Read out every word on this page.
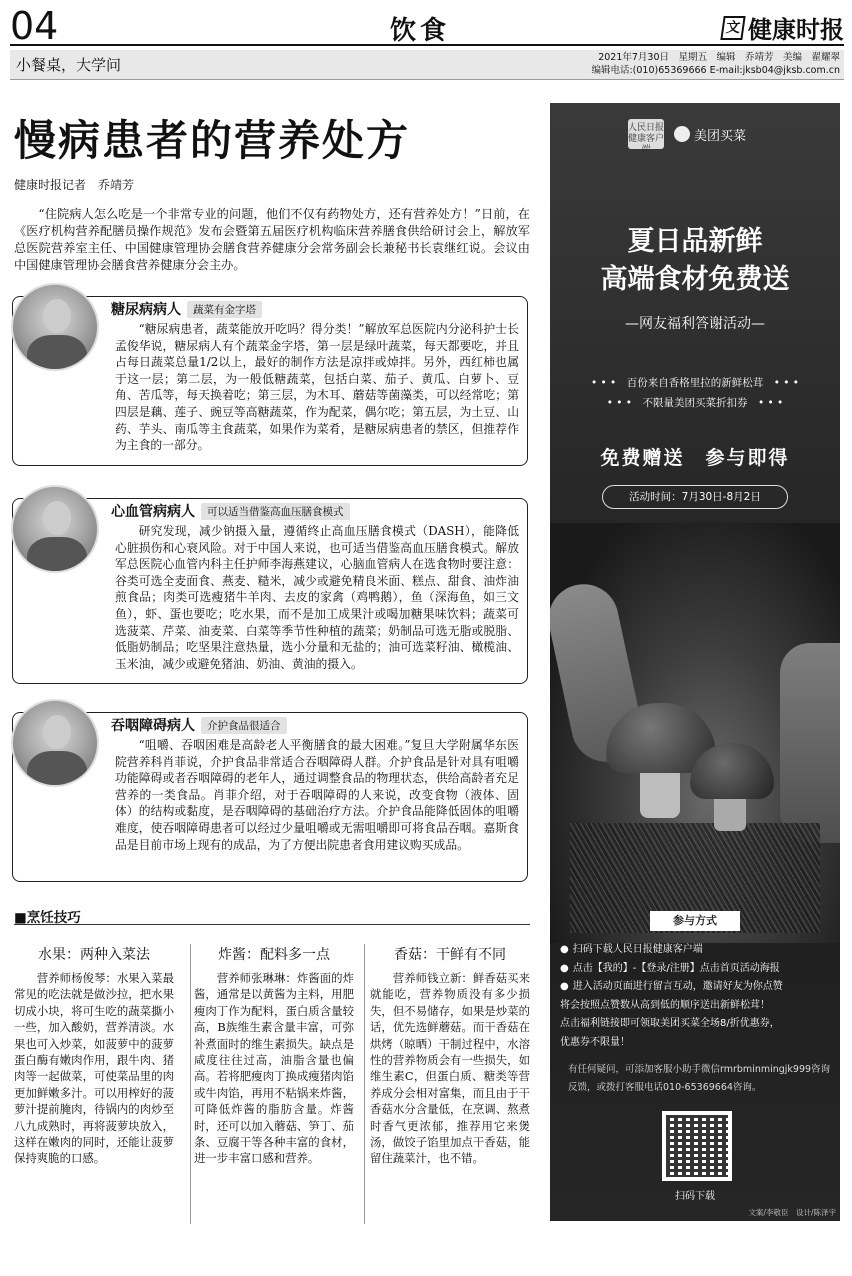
04	饮食	文 健康时报
小餐桌，大学问	2021年7月30日　星期五　编辑　乔靖芳　美编　翟耀翠
编辑电话:(010)65369666 E-mail:jksb04@jksb.com.cn
慢病患者的营养处方
健康时报记者　乔靖芳

“住院病人怎么吃是一个非常专业的问题，他们不仅有药物处方，还有营养处方！”日前，在《医疗机构营养配膳员操作规范》发布会暨第五届医疗机构临床营养膳食供给研讨会上，解放军总医院营养室主任、中国健康管理协会膳食营养健康分会常务副会长兼秘书长袁继红说。会议由中国健康管理协会膳食营养健康分会主办。

糖尿病病人	蔬菜有金字塔
“糖尿病患者，蔬菜能放开吃吗？得分类！”解放军总医院内分泌科护士长孟俊华说，糖尿病人有个蔬菜金字塔，第一层是绿叶蔬菜，每天都要吃，并且占每日蔬菜总量1/2以上，最好的制作方法是凉拌或焯拌。另外，西红柿也属于这一层；第二层，为一般低糖蔬菜，包括白菜、茄子、黄瓜、白萝卜、豆角、苦瓜等，每天换着吃；第三层，为木耳、蘑菇等菌藻类，可以经常吃；第四层是藕、莲子、豌豆等高糖蔬菜，作为配菜，偶尔吃；第五层，为土豆、山药、芋头、南瓜等主食蔬菜，如果作为菜肴，是糖尿病患者的禁区，但推荐作为主食的一部分。
心血管病病人	可以适当借鉴高血压膳食模式
研究发现，减少钠摄入量，遵循终止高血压膳食模式（DASH），能降低心脏损伤和心衰风险。对于中国人来说，也可适当借鉴高血压膳食模式。解放军总医院心血管内科主任护师李海燕建议，心脑血管病人在选食物时要注意：谷类可选全麦面食、燕麦、糙米，减少或避免精良米面、糕点、甜食、油炸油煎食品；肉类可选瘦猪牛羊肉、去皮的家禽（鸡鸭鹅），鱼（深海鱼，如三文鱼），虾、蛋也要吃；吃水果，而不是加工成果汁或喝加糖果味饮料；蔬菜可选菠菜、芹菜、油麦菜、白菜等季节性种植的蔬菜；奶制品可选无脂或脱脂、低脂奶制品；吃坚果注意热量，选小分量和无盐的；油可选菜籽油、橄榄油、玉米油，减少或避免猪油、奶油、黄油的摄入。
吞咽障碍病人	介护食品很适合
“咀嚼、吞咽困难是高龄老人平衡膳食的最大困难。”复旦大学附属华东医院营养科肖菲说，介护食品非常适合吞咽障碍人群。介护食品是针对具有咀嚼功能障碍或者吞咽障碍的老年人，通过调整食品的物理状态，供给高龄者充足营养的一类食品。肖菲介绍，对于吞咽障碍的人来说，改变食物（液体、固体）的结构或黏度，是吞咽障碍的基础治疗方法。介护食品能降低固体的咀嚼难度，使吞咽障碍患者可以经过少量咀嚼或无需咀嚼即可将食品吞咽。嘉斯食品是目前市场上现有的成品，为了方便出院患者食用建议购买成品。
■烹饪技巧
水果：两种入菜法
营养师杨俊琴：水果入菜最常见的吃法就是做沙拉，把水果切成小块，将可生吃的蔬菜撕小一些，加入酸奶，营养清淡。水果也可入炒菜，如菠萝中的菠萝蛋白酶有嫩肉作用，跟牛肉、猪肉等一起做菜，可使菜品里的肉更加鲜嫩多汁。可以用榨好的菠萝汁提前腌肉，待锅内的肉炒至八九成熟时，再将菠萝块放入，这样在嫩肉的同时，还能让菠萝保持爽脆的口感。
炸酱：配料多一点
营养师张琳琳：炸酱面的炸酱，通常是以黄酱为主料，用肥瘦肉丁作为配料，蛋白质含量较高，B族维生素含量丰富，可弥补煮面时的维生素损失。缺点是咸度往往过高，油脂含量也偏高。若将肥瘦肉丁换成瘦猪肉馅或牛肉馅，再用不粘锅来炸酱，可降低炸酱的脂肪含量。炸酱时，还可以加入蘑菇、笋丁、茄条、豆腐干等各种丰富的食材，进一步丰富口感和营养。
香菇：干鲜有不同
营养师钱立新：鲜香菇买来就能吃，营养物质没有多少损失，但不易储存，如果是炒菜的话，优先选鲜蘑菇。而干香菇在烘烤（晾晒）干制过程中，水溶性的营养物质会有一些损失，如维生素C，但蛋白质、糖类等营养成分会相对富集，而且由于干香菇水分含量低，在烹调、熬煮时香气更浓郁，推荐用它来煲汤，做饺子馅里加点干香菇，能留住蔬菜汁，也不错。
人民日报 健康客户端
美团买菜
夏日品新鲜
高端食材免费送
—网友福利答谢活动—
• • •　百份来自香格里拉的新鲜松茸　• • •
• • •　不限量美团买菜折扣券　• • •
免费赠送　参与即得
活动时间：7月30日-8月2日
参与方式
● 扫码下载人民日报健康客户端
● 点击【我的】-【登录/注册】点击首页活动海报
● 进入活动页面进行留言互动，邀请好友为你点赞
将会按照点赞数从高到低的顺序送出新鲜松茸！
点击福利链接即可领取美团买菜全场8/折优惠券，
优惠券不限量！
有任何疑问，可添加客服小助手微信rmrbminmingjk999咨询反馈，或拨打客服电话010-65369664咨询。
扫码下载
文案/李敬臣　设计/陈泽宇
